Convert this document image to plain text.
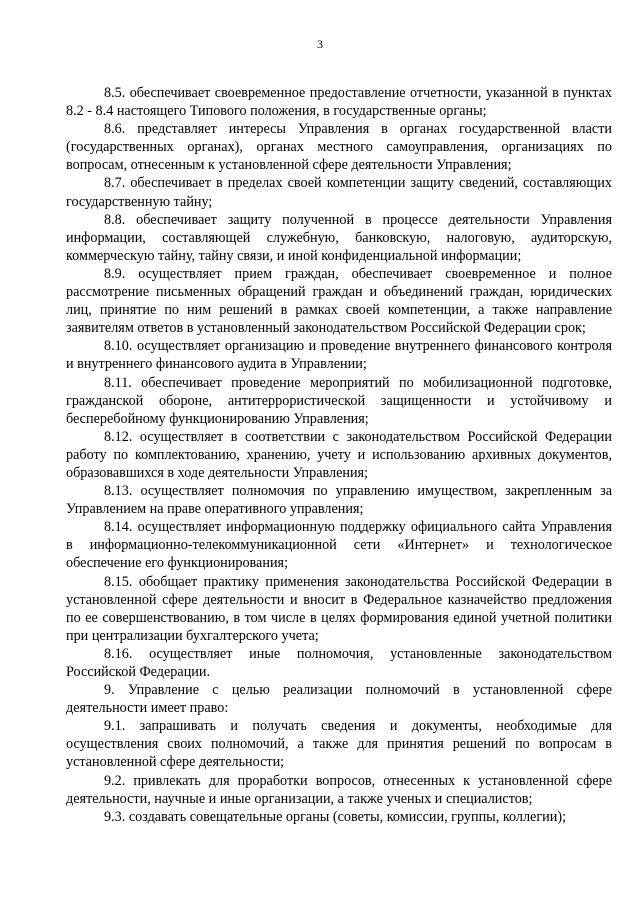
3

8.5. обеспечивает своевременное предоставление отчетности, указанной в пунктах 8.2 - 8.4 настоящего Типового положения, в государственные органы;

8.6. представляет интересы Управления в органах государственной власти (государственных органах), органах местного самоуправления, организациях по вопросам, отнесенным к установленной сфере деятельности Управления;

8.7. обеспечивает в пределах своей компетенции защиту сведений, составляющих государственную тайну;

8.8. обеспечивает защиту полученной в процессе деятельности Управления информации, составляющей служебную, банковскую, налоговую, аудиторскую, коммерческую тайну, тайну связи, и иной конфиденциальной информации;

8.9. осуществляет прием граждан, обеспечивает своевременное и полное рассмотрение письменных обращений граждан и объединений граждан, юридических лиц, принятие по ним решений в рамках своей компетенции, а также направление заявителям ответов в установленный законодательством Российской Федерации срок;

8.10. осуществляет организацию и проведение внутреннего финансового контроля и внутреннего финансового аудита в Управлении;

8.11. обеспечивает проведение мероприятий по мобилизационной подготовке, гражданской обороне, антитеррористической защищенности и устойчивому и бесперебойному функционированию Управления;

8.12. осуществляет в соответствии с законодательством Российской Федерации работу по комплектованию, хранению, учету и использованию архивных документов, образовавшихся в ходе деятельности Управления;

8.13. осуществляет полномочия по управлению имуществом, закрепленным за Управлением на праве оперативного управления;

8.14. осуществляет информационную поддержку официального сайта Управления в информационно-телекоммуникационной сети «Интернет» и технологическое обеспечение его функционирования;

8.15. обобщает практику применения законодательства Российской Федерации в установленной сфере деятельности и вносит в Федеральное казначейство предложения по ее совершенствованию, в том числе в целях формирования единой учетной политики при централизации бухгалтерского учета;

8.16. осуществляет иные полномочия, установленные законодательством Российской Федерации.

9. Управление с целью реализации полномочий в установленной сфере деятельности имеет право:

9.1. запрашивать и получать сведения и документы, необходимые для осуществления своих полномочий, а также для принятия решений по вопросам в установленной сфере деятельности;

9.2. привлекать для проработки вопросов, отнесенных к установленной сфере деятельности, научные и иные организации, а также ученых и специалистов;

9.3. создавать совещательные органы (советы, комиссии, группы, коллегии);
